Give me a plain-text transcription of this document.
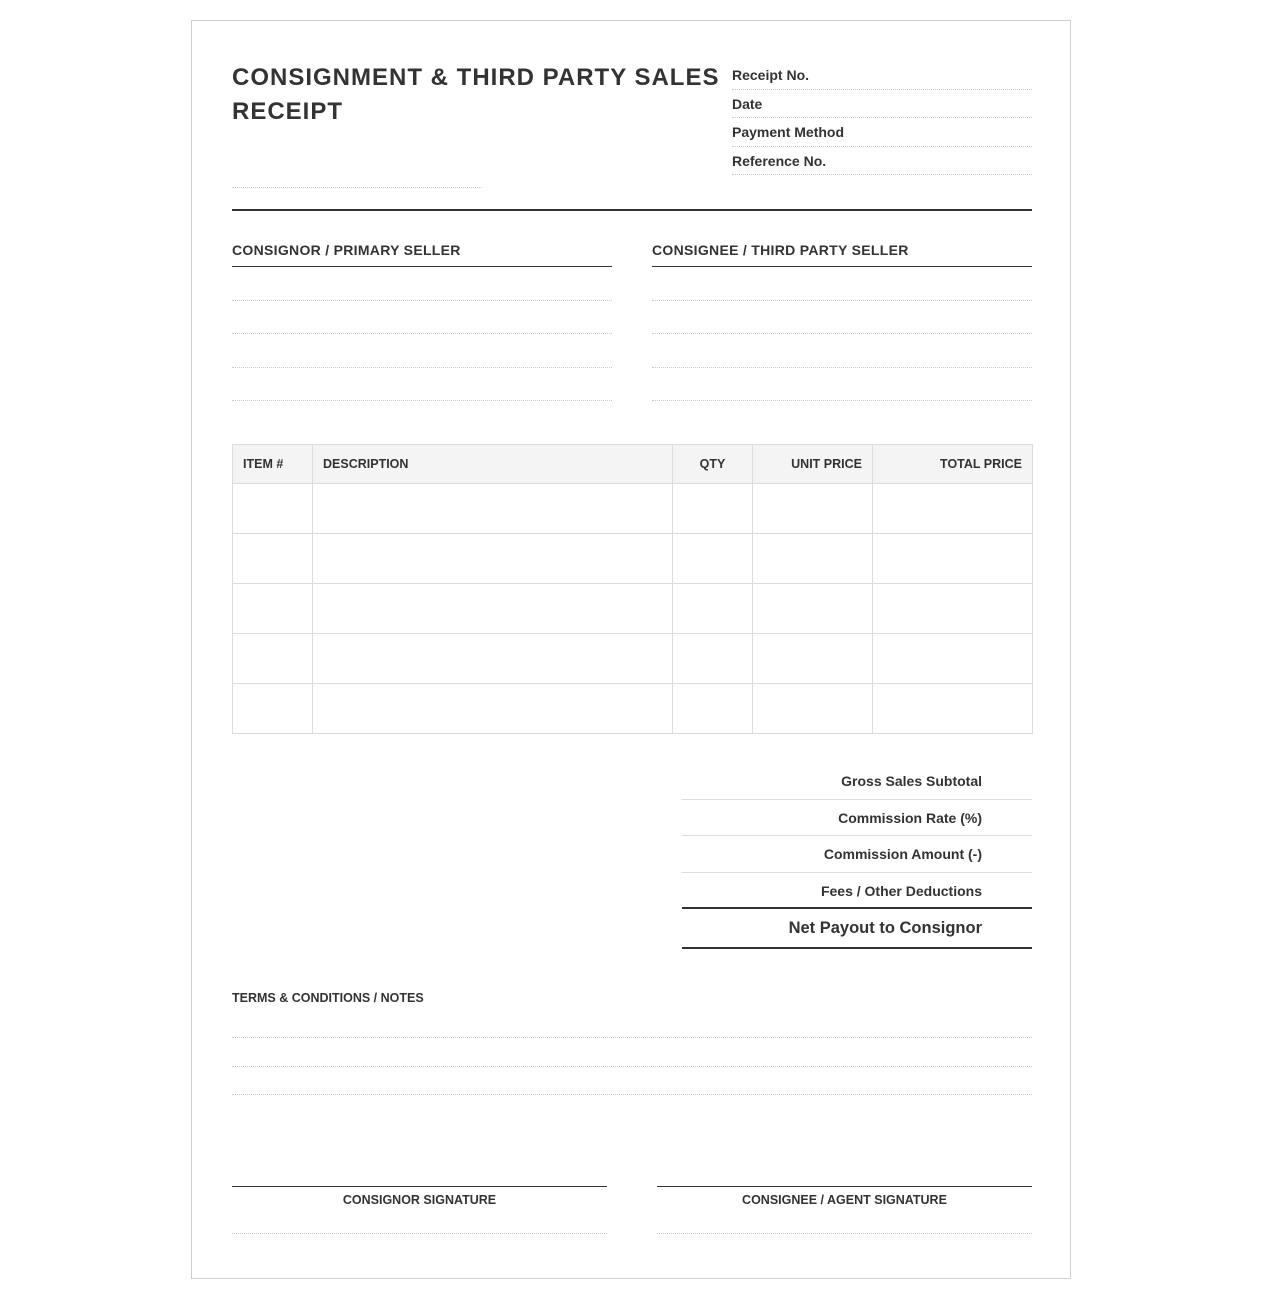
CONSIGNMENT & THIRD PARTY SALES RECEIPT
Receipt No.
Date
Payment Method
Reference No.
CONSIGNOR / PRIMARY SELLER	CONSIGNEE / THIRD PARTY SELLER
ITEM #	DESCRIPTION	QTY	UNIT PRICE	TOTAL PRICE

Gross Sales Subtotal
Commission Rate (%)
Commission Amount (-)
Fees / Other Deductions
Net Payout to Consignor
TERMS & CONDITIONS / NOTES
CONSIGNOR SIGNATURE	CONSIGNEE / AGENT SIGNATURE
